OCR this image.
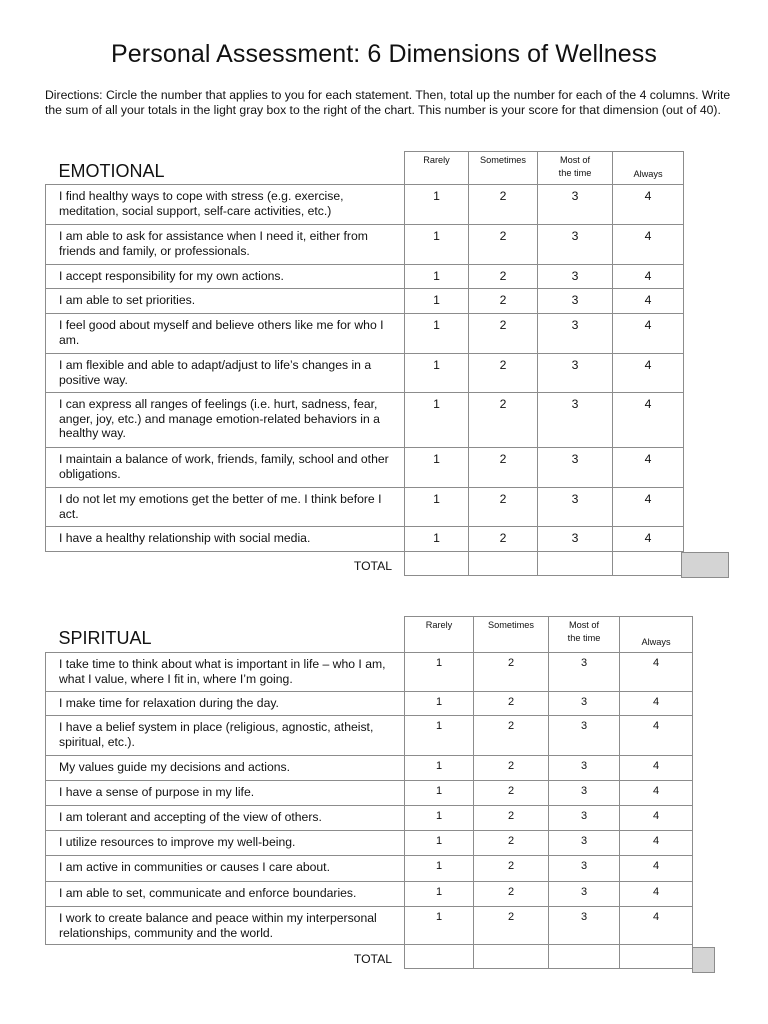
Personal Assessment: 6 Dimensions of Wellness
Directions: Circle the number that applies to you for each statement. Then, total up the number for each of the 4 columns. Write the sum of all your totals in the light gray box to the right of the chart. This number is your score for that dimension (out of 40).
EMOTIONAL	Rarely	Sometimes	Most of
the time	Always
I find healthy ways to cope with stress (e.g. exercise, meditation, social support, self-care activities, etc.)	1	2	3	4
I am able to ask for assistance when I need it, either from friends and family, or professionals.	1	2	3	4
I accept responsibility for my own actions.	1	2	3	4
I am able to set priorities.	1	2	3	4
I feel good about myself and believe others like me for who I am.	1	2	3	4
I am flexible and able to adapt/adjust to life’s changes in a positive way.	1	2	3	4
I can express all ranges of feelings (i.e. hurt, sadness, fear, anger, joy, etc.) and manage emotion-related behaviors in a healthy way.	1	2	3	4
I maintain a balance of work, friends, family, school and other obligations.	1	2	3	4
I do not let my emotions get the better of me. I think before I act.	1	2	3	4
I have a healthy relationship with social media.	1	2	3	4
TOTAL				
SPIRITUAL	Rarely	Sometimes	Most of
the time	Always
I take time to think about what is important in life – who I am, what I value, where I fit in, where I’m going.	1	2	3	4
I make time for relaxation during the day.	1	2	3	4
I have a belief system in place (religious, agnostic, atheist, spiritual, etc.).	1	2	3	4
My values guide my decisions and actions.	1	2	3	4
I have a sense of purpose in my life.	1	2	3	4
I am tolerant and accepting of the view of others.	1	2	3	4
I utilize resources to improve my well-being.	1	2	3	4
I am active in communities or causes I care about.	1	2	3	4
I am able to set, communicate and enforce boundaries.	1	2	3	4
I work to create balance and peace within my interpersonal relationships, community and the world.	1	2	3	4
TOTAL				
